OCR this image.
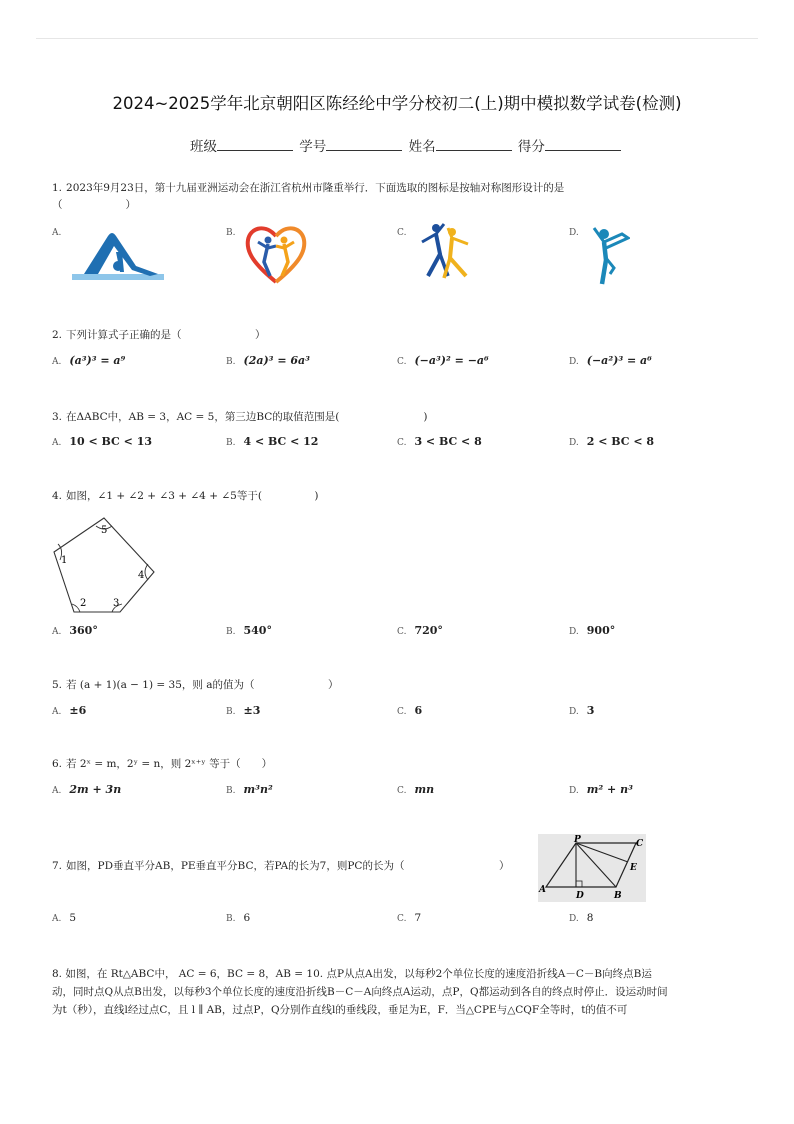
2024~2025学年北京朝阳区陈经纶中学分校初二(上)期中模拟数学试卷(检测)
班级	学号	姓名	得分
1. 2023年9月23日，第十九届亚洲运动会在浙江省杭州市隆重举行．下面选取的图标是按轴对称图形设计的是
（　　　　　　）
A.	B.	C.	D.
2. 下列计算式子正确的是（　　　　　　　）
A. (a³)³ = a⁹	B. (2a)³ = 6a³	C. (−a³)² = −a⁶	D. (−a²)³ = a⁶
3. 在ΔABC中，AB = 3，AC = 5，第三边BC的取值范围是(　　　　　　　　)
A. 10 < BC < 13	B. 4 < BC < 12	C. 3 < BC < 8	D. 2 < BC < 8
4. 如图，∠1 + ∠2 + ∠3 + ∠4 + ∠5等于(　　　　　)
5
4
3
2
1
A. 360°	B. 540°	C. 720°	D. 900°
5. 若 (a + 1)(a − 1) = 35，则 a的值为（　　　　　　　）
A. ±6	B. ±3	C. 6	D. 3
6. 若 2ˣ = m，2ʸ = n，则 2ˣ⁺ʸ 等于（　　）
A. 2m + 3n	B. m³n²	C. mn	D. m² + n³
7. 如图，PD垂直平分AB，PE垂直平分BC，若PA的长为7，则PC的长为（　　　　　　　　　）
P	C
E
A
D	B
A. 5	B. 6	C. 7	D. 8
8. 如图，在 Rt△ABC中， AC = 6，BC = 8，AB = 10. 点P从点A出发，以每秒2个单位长度的速度沿折线A－C－B向终点B运
动，同时点Q从点B出发，以每秒3个单位长度的速度沿折线B－C－A向终点A运动，点P，Q都运动到各自的终点时停止．设运动时间
为t（秒），直线l经过点C，且 l ∥ AB，过点P，Q分别作直线l的垂线段，垂足为E，F．当△CPE与△CQF全等时，t的值不可
